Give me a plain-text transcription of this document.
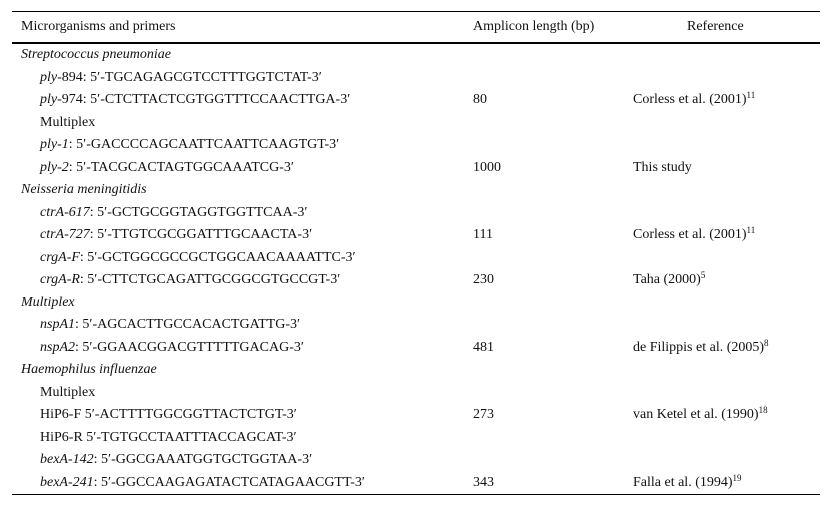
Microrganisms and primers	Amplicon length (bp)	Reference
Streptococcus pneumoniae
ply-894: 5′-TGCAGAGCGTCCTTTGGTCTAT-3′
ply-974: 5′-CTCTTACTCGTGGTTTCCAACTTGA-3′	80	Corless et al. $(2001)^{11}$
Multiplex
ply-1: 5′-GACCCCAGCAATTCAATTCAAGTGT-3′
ply-2: 5′-TACGCACTAGTGGCAAATCG-3′	1000	This study
Neisseria meningitidis
ctrA-617: 5′-GCTGCGGTAGGTGGTTCAA-3′
ctrA-727: 5′-TTGTCGCGGATTTGCAACTA-3′	111	Corless et al. $(2001)^{11}$
crgA-F: 5′-GCTGGCGCCGCTGGCAACAAAATTC-3′
crgA-R: 5′-CTTCTGCAGATTGCGGCGTGCCGT-3′	230	Taha $(2000)^5$
Multiplex
nspA1: 5′-AGCACTTGCCACACTGATTG-3′
nspA2: 5′-GGAACGGACGTTTTTGACAG-3′	481	de Filippis et al. $(2005)^8$
Haemophilus influenzae
Multiplex
HiP6-F 5′-ACTTTTGGCGGTTACTCTGT-3′	273	van Ketel et al. $(1990)^{18}$
HiP6-R 5′-TGTGCCTAATTTACCAGCAT-3′
bexA-142: 5′-GGCGAAATGGTGCTGGTAA-3′
bexA-241: 5′-GGCCAAGAGATACTCATAGAACGTT-3′	343	Falla et al. $(1994)^{19}$
